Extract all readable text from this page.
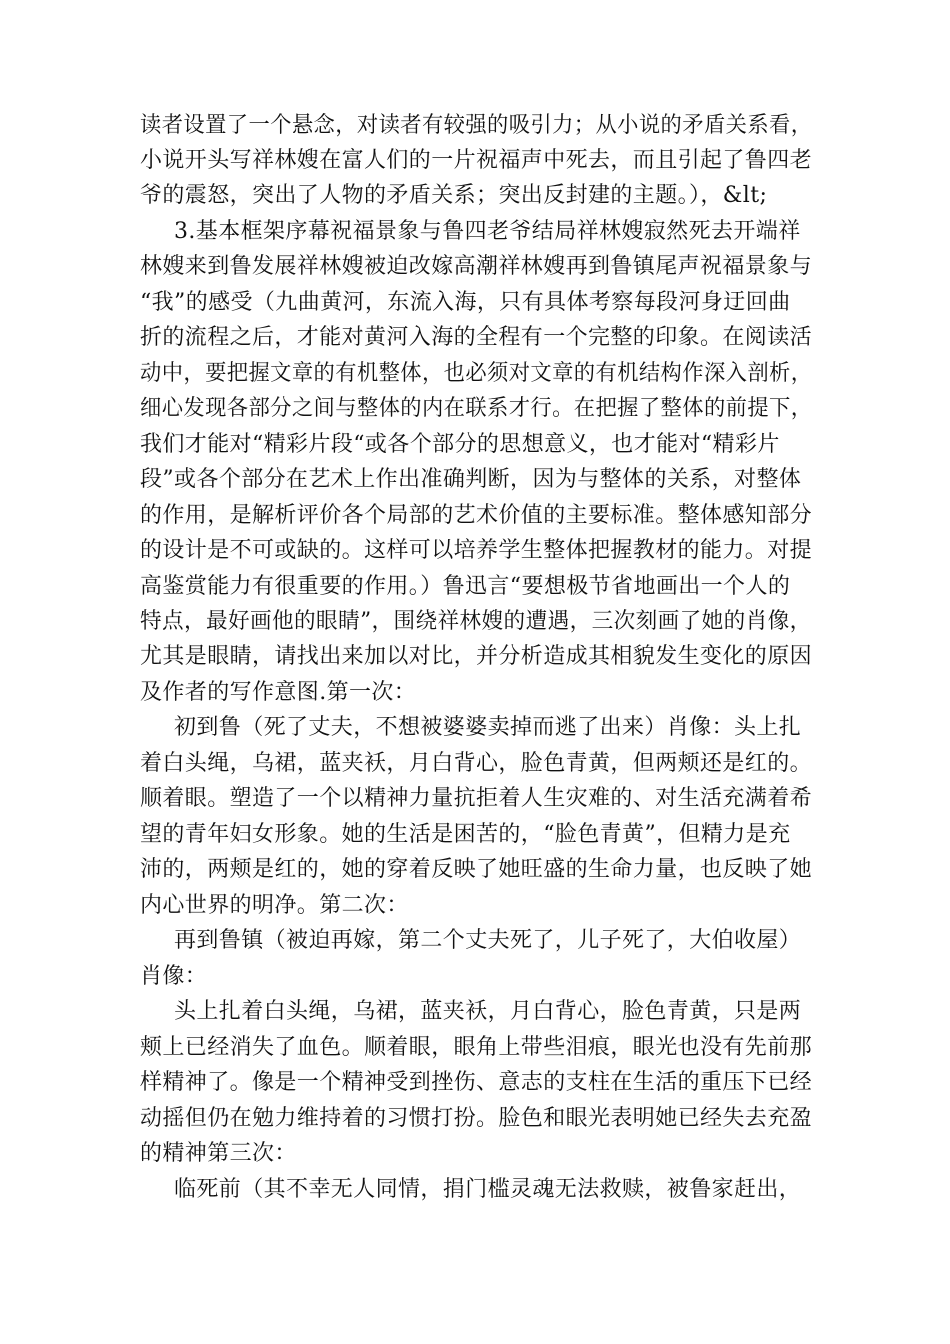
读者设置了一个悬念，对读者有较强的吸引力；从小说的矛盾关系看，
小说开头写祥林嫂在富人们的一片祝福声中死去，而且引起了鲁四老
爷的震怒，突出了人物的矛盾关系；突出反封建的主题。），&lt;
3.基本框架序幕祝福景象与鲁四老爷结局祥林嫂寂然死去开端祥
林嫂来到鲁发展祥林嫂被迫改嫁高潮祥林嫂再到鲁镇尾声祝福景象与
“我”的感受（九曲黄河，东流入海，只有具体考察每段河身迂回曲
折的流程之后，才能对黄河入海的全程有一个完整的印象。在阅读活
动中，要把握文章的有机整体，也必须对文章的有机结构作深入剖析，
细心发现各部分之间与整体的内在联系才行。在把握了整体的前提下，
我们才能对“精彩片段“或各个部分的思想意义，也才能对“精彩片
段”或各个部分在艺术上作出准确判断，因为与整体的关系，对整体
的作用，是解析评价各个局部的艺术价值的主要标准。整体感知部分
的设计是不可或缺的。这样可以培养学生整体把握教材的能力。对提
高鉴赏能力有很重要的作用。）鲁迅言“要想极节省地画出一个人的
特点，最好画他的眼睛”，围绕祥林嫂的遭遇，三次刻画了她的肖像，
尤其是眼睛，请找出来加以对比，并分析造成其相貌发生变化的原因
及作者的写作意图.第一次：
初到鲁（死了丈夫，不想被婆婆卖掉而逃了出来）肖像：头上扎
着白头绳，乌裙，蓝夹袄，月白背心，脸色青黄，但两颊还是红的。
顺着眼。塑造了一个以精神力量抗拒着人生灾难的、对生活充满着希
望的青年妇女形象。她的生活是困苦的，“脸色青黄”，但精力是充
沛的，两颊是红的，她的穿着反映了她旺盛的生命力量，也反映了她
内心世界的明净。第二次：
再到鲁镇（被迫再嫁，第二个丈夫死了，儿子死了，大伯收屋）
肖像：
头上扎着白头绳，乌裙，蓝夹袄，月白背心，脸色青黄，只是两
颊上已经消失了血色。顺着眼，眼角上带些泪痕，眼光也没有先前那
样精神了。像是一个精神受到挫伤、意志的支柱在生活的重压下已经
动摇但仍在勉力维持着的习惯打扮。脸色和眼光表明她已经失去充盈
的精神第三次：
临死前（其不幸无人同情，捐门槛灵魂无法救赎，被鲁家赶出，
